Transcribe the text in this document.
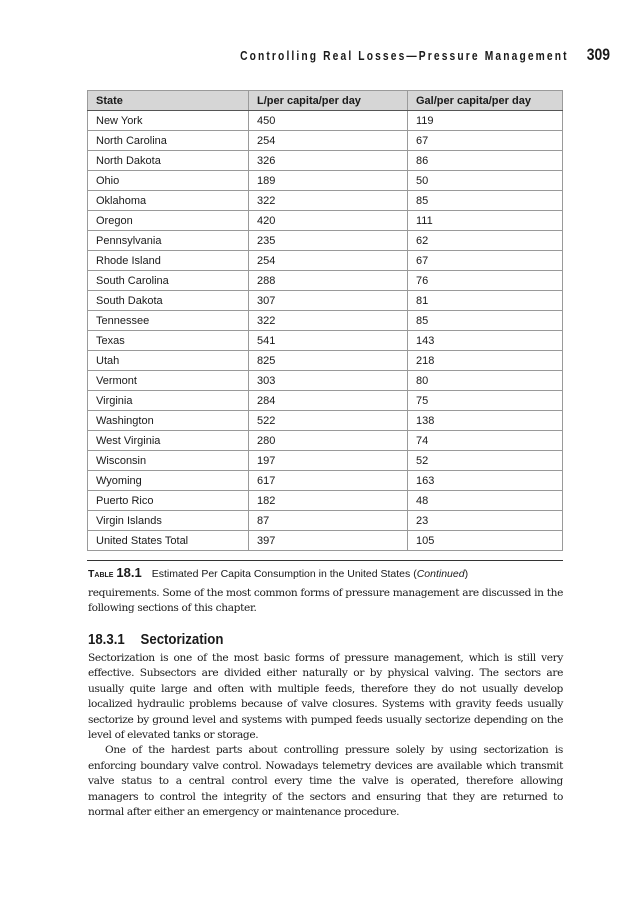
Controlling Real Losses—Pressure Management 309
State	L/per capita/per day	Gal/per capita/per day
New York	450	119
North Carolina	254	67
North Dakota	326	86
Ohio	189	50
Oklahoma	322	85
Oregon	420	111
Pennsylvania	235	62
Rhode Island	254	67
South Carolina	288	76
South Dakota	307	81
Tennessee	322	85
Texas	541	143
Utah	825	218
Vermont	303	80
Virginia	284	75
Washington	522	138
West Virginia	280	74
Wisconsin	197	52
Wyoming	617	163
Puerto Rico	182	48
Virgin Islands	87	23
United States Total	397	105
Table 18.1 Estimated Per Capita Consumption in the United States (Continued)

requirements. Some of the most common forms of pressure management are discussed in the following sections of this chapter.

18.3.1 Sectorization

Sectorization is one of the most basic forms of pressure management, which is still very effective. Subsectors are divided either naturally or by physical valving. The sectors are usually quite large and often with multiple feeds, therefore they do not usually develop localized hydraulic problems because of valve closures. Systems with gravity feeds usually sectorize by ground level and systems with pumped feeds usually sectorize depending on the level of elevated tanks or storage.

One of the hardest parts about controlling pressure solely by using sectorization is enforcing boundary valve control. Nowadays telemetry devices are available which transmit valve status to a central control every time the valve is operated, therefore allowing managers to control the integrity of the sectors and ensuring that they are returned to normal after either an emergency or maintenance procedure.
